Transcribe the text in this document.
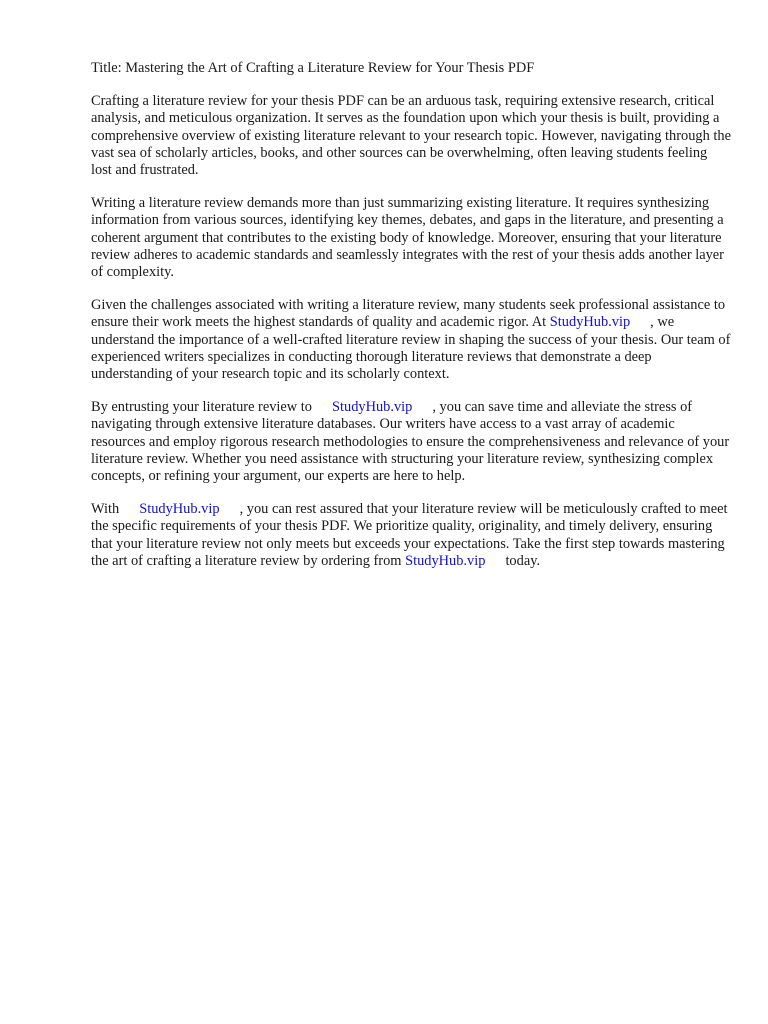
Title: Mastering the Art of Crafting a Literature Review for Your Thesis PDF

Crafting a literature review for your thesis PDF can be an arduous task, requiring extensive research, critical analysis, and meticulous organization. It serves as the foundation upon which your thesis is built, providing a comprehensive overview of existing literature relevant to your research topic. However, navigating through the vast sea of scholarly articles, books, and other sources can be overwhelming, often leaving students feeling lost and frustrated.

Writing a literature review demands more than just summarizing existing literature. It requires synthesizing information from various sources, identifying key themes, debates, and gaps in the literature, and presenting a coherent argument that contributes to the existing body of knowledge. Moreover, ensuring that your literature review adheres to academic standards and seamlessly integrates with the rest of your thesis adds another layer of complexity.

Given the challenges associated with writing a literature review, many students seek professional assistance to ensure their work meets the highest standards of quality and academic rigor. At StudyHub.vip , we understand the importance of a well-crafted literature review in shaping the success of your thesis. Our team of experienced writers specializes in conducting thorough literature reviews that demonstrate a deep understanding of your research topic and its scholarly context.

By entrusting your literature review to StudyHub.vip , you can save time and alleviate the stress of navigating through extensive literature databases. Our writers have access to a vast array of academic resources and employ rigorous research methodologies to ensure the comprehensiveness and relevance of your literature review. Whether you need assistance with structuring your literature review, synthesizing complex concepts, or refining your argument, our experts are here to help.

With StudyHub.vip , you can rest assured that your literature review will be meticulously crafted to meet the specific requirements of your thesis PDF. We prioritize quality, originality, and timely delivery, ensuring that your literature review not only meets but exceeds your expectations. Take the first step towards mastering the art of crafting a literature review by ordering from StudyHub.vip today.
